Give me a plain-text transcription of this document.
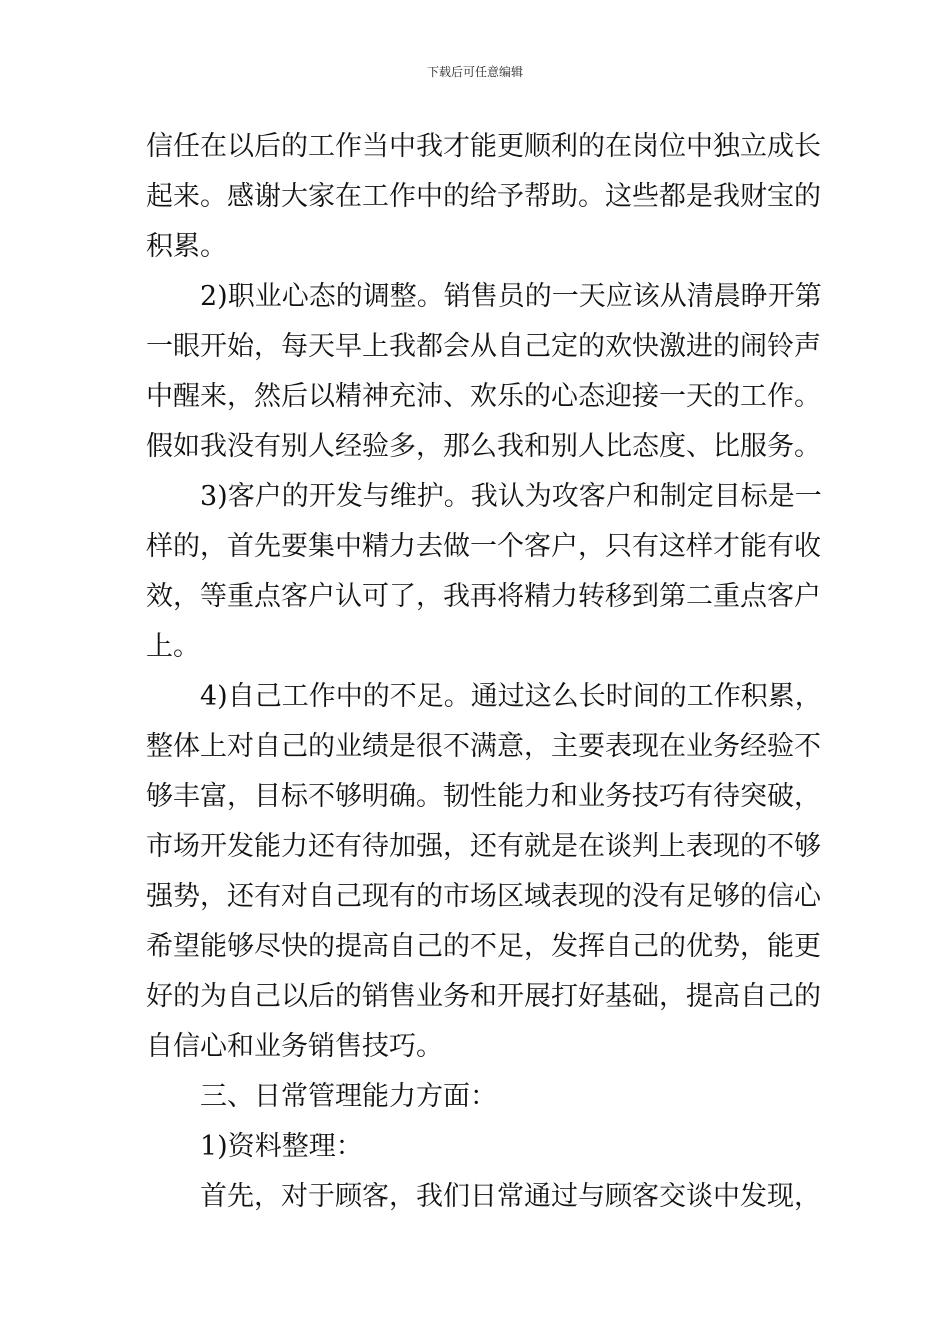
下载后可任意编辑
信任在以后的工作当中我才能更顺利的在岗位中独立成长
起来。感谢大家在工作中的给予帮助。这些都是我财宝的
积累。
2)职业心态的调整。销售员的一天应该从清晨睁开第
一眼开始，每天早上我都会从自己定的欢快激进的闹铃声
中醒来，然后以精神充沛、欢乐的心态迎接一天的工作。
假如我没有别人经验多，那么我和别人比态度、比服务。
3)客户的开发与维护。我认为攻客户和制定目标是一
样的，首先要集中精力去做一个客户，只有这样才能有收
效，等重点客户认可了，我再将精力转移到第二重点客户
上。
4)自己工作中的不足。通过这么长时间的工作积累，
整体上对自己的业绩是很不满意，主要表现在业务经验不
够丰富，目标不够明确。韧性能力和业务技巧有待突破，
市场开发能力还有待加强，还有就是在谈判上表现的不够
强势，还有对自己现有的市场区域表现的没有足够的信心
希望能够尽快的提高自己的不足，发挥自己的优势，能更
好的为自己以后的销售业务和开展打好基础，提高自己的
自信心和业务销售技巧。
三、日常管理能力方面：
1)资料整理：
首先，对于顾客，我们日常通过与顾客交谈中发现，
